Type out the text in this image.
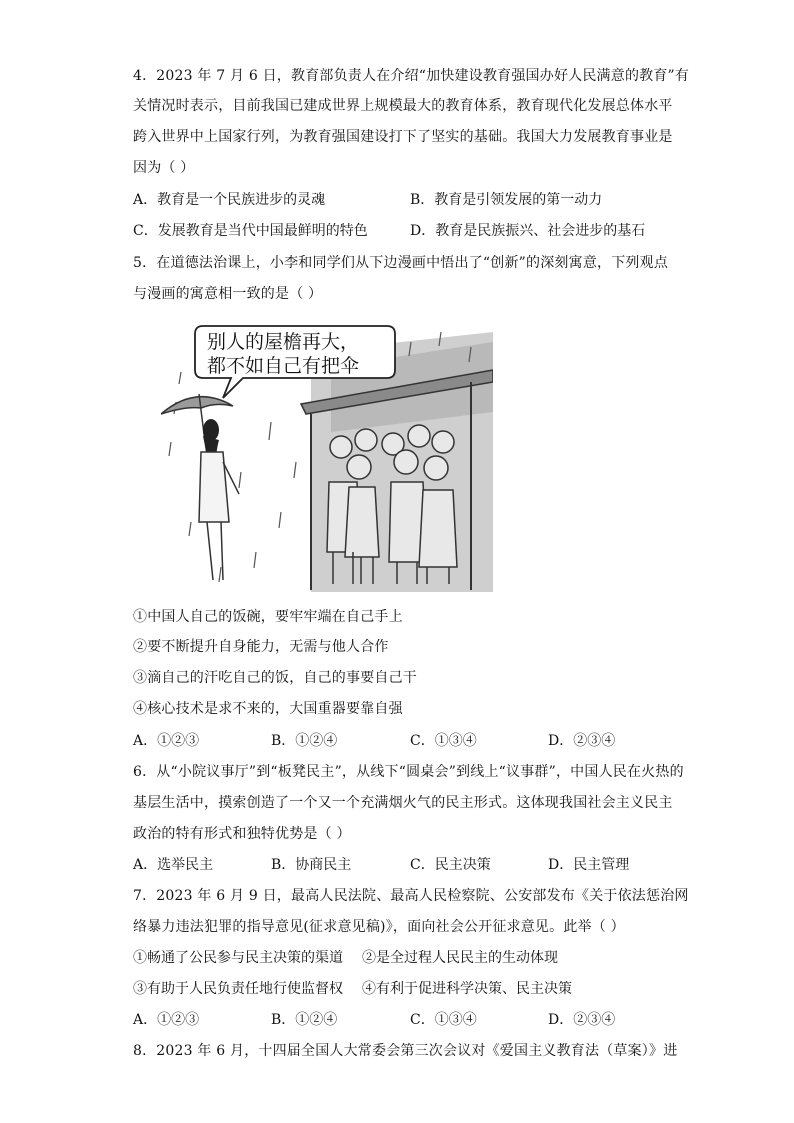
4．2023 年 7 月 6 日，教育部负责人在介绍“加快建设教育强国办好人民满意的教育”有
关情况时表示，目前我国已建成世界上规模最大的教育体系，教育现代化发展总体水平
跨入世界中上国家行列，为教育强国建设打下了坚实的基础。我国大力发展教育事业是
因为（ ）
A．教育是一个民族进步的灵魂	B．教育是引领发展的第一动力
C．发展教育是当代中国最鲜明的特色	D．教育是民族振兴、社会进步的基石
5．在道德法治课上，小李和同学们从下边漫画中悟出了“创新”的深刻寓意，下列观点
与漫画的寓意相一致的是（ ）
别人的屋檐再大，
都不如自己有把伞
①中国人自己的饭碗，要牢牢端在自己手上
②要不断提升自身能力，无需与他人合作
③滴自己的汗吃自己的饭，自己的事要自己干
④核心技术是求不来的，大国重器要靠自强
A．①②③	B．①②④	C．①③④	D．②③④
6．从“小院议事厅”到“板凳民主”，从线下“圆桌会”到线上“议事群”，中国人民在火热的
基层生活中，摸索创造了一个又一个充满烟火气的民主形式。这体现我国社会主义民主
政治的特有形式和独特优势是（ ）
A．选举民主	B．协商民主	C．民主决策	D．民主管理
7．2023 年 6 月 9 日，最高人民法院、最高人民检察院、公安部发布《关于依法惩治网
络暴力违法犯罪的指导意见(征求意见稿)》，面向社会公开征求意见。此举（ ）
①畅通了公民参与民主决策的渠道 ②是全过程人民民主的生动体现
③有助于人民负责任地行使监督权 ④有利于促进科学决策、民主决策
A．①②③	B．①②④	C．①③④	D．②③④
8．2023 年 6 月，十四届全国人大常委会第三次会议对《爱国主义教育法（草案）》进
